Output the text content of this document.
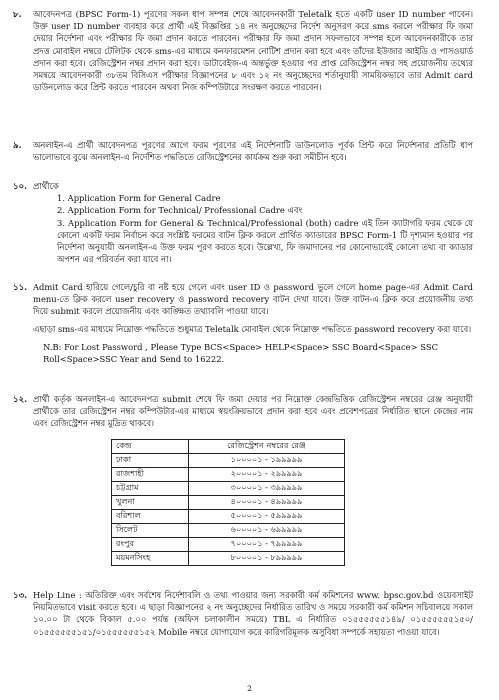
৮. আবেদনপত্র (BPSC Form-1) পূরণের সকল ধাপ সম্পন্ন শেষে আবেদনকারী Teletalk হতে একটি user ID number পাবেন। উক্ত user ID number ব্যবহার করে প্রার্থী এই বিজ্ঞপ্তির ১৪ নং অনুচ্ছেদের নির্দেশ অনুসরণ করে sms করলে পরীক্ষার ফি জমা দেয়ার নির্দেশনা এবং পরীক্ষার ফি জমা প্রদান করতে পারবেন। পরীক্ষার ফি জমা প্রদান সফলভাবে সম্পন্ন হলে আবেদনকারীকে তার প্রদত্ত মোবাইল নম্বরে টেলিটক থেকে sms-এর মাধ্যমে কনফারমেশন নোটিশ প্রদান করা হবে এবং তাঁদের ইউজার আইডি ও পাসওয়ার্ড প্রদান করা হবে। রেজিস্ট্রেশন নম্বর প্রদান করা হবে। ডাটাবেইজ-এ অন্তর্ভুক্ত হওয়ার পর প্রাপ্ত রেজিস্ট্রেশন নম্বর সহ প্রয়োজনীয় তথ্যের সমন্বয়ে আবেদনকারী ৩৮তম বিসিএস পরীক্ষার বিজ্ঞাপনের ৮ এবং ১২ নং অনুচ্ছেদের শর্তানুযায়ী সাময়িকভাবে তার Admit card ডাউনলোড করে প্রিন্ট করতে পারবেন অথবা নিজ কম্পিউটারে সংরক্ষণ করতে পারবেন।

৯. অনলাইন-এ প্রার্থী আবেদনপত্র পূরণের আগে ফরম পূরণের এই নির্দেশনাটি ডাউনলোড পূর্বক প্রিন্ট করে নির্দেশনার প্রতিটি ধাপ ভালোভাবে বুঝে অনলাইন-এ নির্দেশিত পদ্ধতিতে রেজিস্ট্রেশনের কার্যক্রম শুরু করা সমীচীন হবে।

১০. প্রার্থীকে

1. Application Form for General Cadre

2. Application Form for Technical/ Professional Cadre এবং

3. Application Form for General & Technical/Professional (both) cadre এই তিন ক্যাটাগরি ফরম থেকে যে কোনো একটি ফরম নির্বাচন করে সংশ্লিষ্ট ফরমের বাটন ক্লিক করলে প্রার্থিত ক্যাডারের BPSC Form-1 টি দৃশ্যমান হওয়ার পর নির্দেশনা অনুযায়ী অনলাইন-এ উক্ত ফরম পূরণ করতে হবে। উল্লেখ্য, ফি জমাদানের পর কোনোভাবেই কোনো তথ্য বা ক্যাডার অপশন এর পরিবর্তন করা যাবে না।

১১. Admit Card হারিয়ে গেলে/চুরি বা নষ্ট হয়ে গেলে এবং user ID ও password ভুলে গেলে home page-এর Admit Card menu-তে ক্লিক করলে user recovery ও password recovery বাটন দেখা যাবে। উক্ত বাটন-এ ক্লিক করে প্রয়োজনীয় তথ্য দিয়ে submit করলে প্রয়োজনীয় এবং কাঙ্ক্ষিত তথ্যাবলি পাওয়া যাবে।

এছাড়া sms-এর মাধ্যমে নিম্নোক্ত পদ্ধতিতে শুধুমাত্র Teletalk মোবাইল থেকে নিম্নোক্ত পদ্ধতিতে password recovery করা যাবে।

N.B: For Lost Password , Please Type BCS<Space> HELP<Space> SSC Board<Space> SSC Roll<Space>SSC Year and Send to 16222.

১২. প্রার্থী কর্তৃক অনলাইন-এ আবেদনপত্র submit শেষে ফি জমা দেয়ার পর নিম্নোক্ত কেন্দ্রভিত্তিক রেজিস্ট্রেশন নম্বরের রেঞ্জ অনুযায়ী প্রার্থীকে তার রেজিস্ট্রেশন নম্বর কম্পিউটার-এর মাধ্যমে স্বয়ংক্রিয়ভাবে প্রদান করা হবে এবং প্রবেশপত্রের নির্ধারিত স্থানে কেন্দ্রের নাম এবং রেজিস্ট্রেশন নম্বর মুদ্রিত থাকবে।

কেন্দ্র	রেজিস্ট্রেশন নম্বরের রেঞ্জ
ঢাকা	১০০০০১ - ১৯৯৯৯৯
রাজশাহী	২০০০০১ - ২৯৯৯৯৯
চট্টগ্রাম	৩০০০০১ - ৩৯৯৯৯৯
খুলনা	৪০০০০১ - ৪৯৯৯৯৯
বরিশাল	৫০০০০১ - ৫৯৯৯৯৯
সিলেট	৬০০০০১ - ৬৯৯৯৯৯
রংপুর	৭০০০০১ - ৭৯৯৯৯৯
ময়মনসিংহ	৮০০০০১ - ৮৯৯৯৯৯
১৩. Help Line : অতিরিক্ত এবং সর্বশেষ নির্দেশাবলি ও তথ্য পাওয়ার জন্য সরকারী কর্ম কমিশনের www. bpsc.gov.bd ওয়েবসাইট নিয়মিতভাবে visit করতে হবে। এ ছাড়া বিজ্ঞাপনের ২ নং অনুচ্ছেদের নির্ধারিত তারিখ ও সময়ে সরকারী কর্ম কমিশন সচিবালয়ে সকাল ১০.০০ টা থেকে বিকাল ৫.০০ পর্যন্ত (অফিস চলাকালীন সময়ে) TBL এ নির্ধারিত ০১৫৫৫৫৫৫১৪৯/ ০১৫৫৫৫৫৫১৫০/ ০১৫৫৫৫৫৫১৫১/০১৫৫৫৫৫৫১৫২ Mobile নম্বরে যোগাযোগ করে কারিগরিমূলক অসুবিধা সম্পর্কে সহায়তা পাওয়া যাবে।

2
